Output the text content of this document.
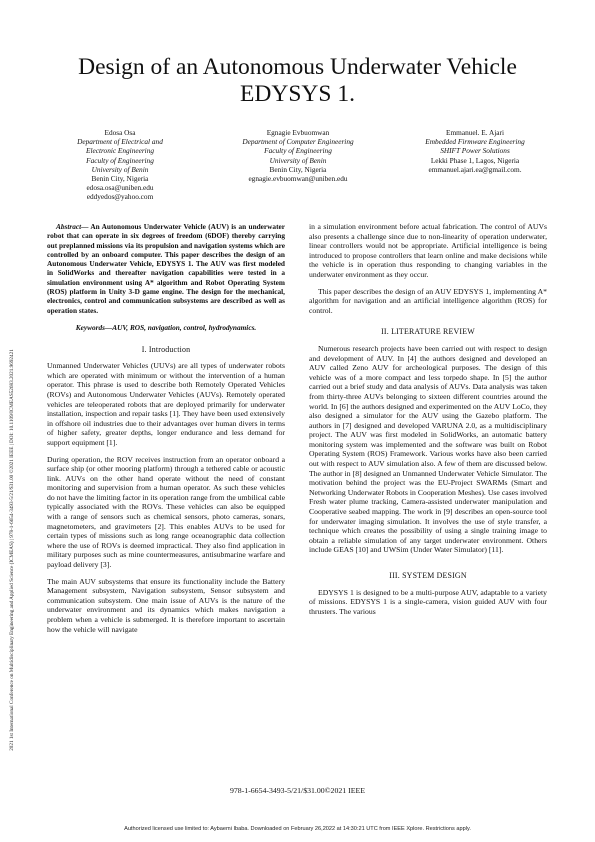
2021 1st International Conference on Multidisciplinary Engineering and Applied Science (ICMEAS) | 978-1-6654-3493-5/21/$31.00 ©2021 IEEE | DOI: 10.1109/ICMEAS52683.2021.9692421
Design of an Autonomous Underwater Vehicle
EDYSYS 1.
Edosa Osa
Department of Electrical and
Electronic Engineering
Faculty of Engineering
University of Benin
Benin City, Nigeria
edosa.osa@uniben.edu
eddyedos@yahoo.com
Egnagie Evbuomwan
Department of Computer Engineering
Faculty of Engineering
University of Benin
Benin City, Nigeria
egnagie.evbuomwan@uniben.edu
Emmanuel. E. Ajari
Embedded Firmware Engineering
SHIFT Power Solutions
Lekki Phase 1, Lagos, Nigeria
emmanuel.ajari.ea@gmail.com.

Abstract— An Autonomous Underwater Vehicle (AUV) is an underwater robot that can operate in six degrees of freedom (6DOF) thereby carrying out preplanned missions via its propulsion and navigation systems which are controlled by an onboard computer. This paper describes the design of an Autonomous Underwater Vehicle, EDYSYS 1. The AUV was first modeled in SolidWorks and thereafter navigation capabilities were tested in a simulation environment using A* algorithm and Robot Operating System (ROS) platform in Unity 3-D game engine. The design for the mechanical, electronics, control and communication subsystems are described as well as operation states.

Keywords—AUV, ROS, navigation, control, hydrodynamics.

I. Introduction

Unmanned Underwater Vehicles (UUVs) are all types of underwater robots which are operated with minimum or without the intervention of a human operator. This phrase is used to describe both Remotely Operated Vehicles (ROVs) and Autonomous Underwater Vehicles (AUVs). Remotely operated vehicles are teleoperated robots that are deployed primarily for underwater installation, inspection and repair tasks [1]. They have been used extensively in offshore oil industries due to their advantages over human divers in terms of higher safety, greater depths, longer endurance and less demand for support equipment [1].

During operation, the ROV receives instruction from an operator onboard a surface ship (or other mooring platform) through a tethered cable or acoustic link. AUVs on the other hand operate without the need of constant monitoring and supervision from a human operator. As such these vehicles do not have the limiting factor in its operation range from the umbilical cable typically associated with the ROVs. These vehicles can also be equipped with a range of sensors such as chemical sensors, photo cameras, sonars, magnetometers, and gravimeters [2]. This enables AUVs to be used for certain types of missions such as long range oceanographic data collection where the use of ROVs is deemed impractical. They also find application in military purposes such as mine countermeasures, antisubmarine warfare and payload delivery [3].

The main AUV subsystems that ensure its functionality include the Battery Management subsystem, Navigation subsystem, Sensor subsystem and communication subsystem. One main issue of AUVs is the nature of the underwater environment and its dynamics which makes navigation a problem when a vehicle is submerged. It is therefore important to ascertain how the vehicle will navigate

in a simulation environment before actual fabrication. The control of AUVs also presents a challenge since due to non-linearity of operation underwater, linear controllers would not be appropriate. Artificial intelligence is being introduced to propose controllers that learn online and make decisions while the vehicle is in operation thus responding to changing variables in the underwater environment as they occur.

This paper describes the design of an AUV EDYSYS 1, implementing A* algorithm for navigation and an artificial intelligence algorithm (ROS) for control.

II. LITERATURE REVIEW

Numerous research projects have been carried out with respect to design and development of AUV. In [4] the authors designed and developed an AUV called Zeno AUV for archeological purposes. The design of this vehicle was of a more compact and less torpedo shape. In [5] the author carried out a brief study and data analysis of AUVs. Data analysis was taken from thirty-three AUVs belonging to sixteen different countries around the world. In [6] the authors designed and experimented on the AUV LoCo, they also designed a simulator for the AUV using the Gazebo platform. The authors in [7] designed and developed VARUNA 2.0, as a multidisciplinary project. The AUV was first modeled in SolidWorks, an automatic battery monitoring system was implemented and the software was built on Robot Operating System (ROS) Framework. Various works have also been carried out with respect to AUV simulation also. A few of them are discussed below. The author in [8] designed an Unmanned Underwater Vehicle Simulator. The motivation behind the project was the EU-Project SWARMs (Smart and Networking Underwater Robots in Cooperation Meshes). Use cases involved Fresh water plume tracking, Camera-assisted underwater manipulation and Cooperative seabed mapping. The work in [9] describes an open-source tool for underwater imaging simulation. It involves the use of style transfer, a technique which creates the possibility of using a single training image to obtain a reliable simulation of any target underwater environment. Others include GEAS [10] and UWSim (Under Water Simulator) [11].

III. SYSTEM DESIGN

EDYSYS 1 is designed to be a multi-purpose AUV, adaptable to a variety of missions. EDYSYS 1 is a single-camera, vision guided AUV with four thrusters. The various

978-1-6654-3493-5/21/$31.00©2021 IEEE
Authorized licensed use limited to: Aybaemi Ibaba. Downloaded on February 26,2022 at 14:30:21 UTC from IEEE Xplore. Restrictions apply.
